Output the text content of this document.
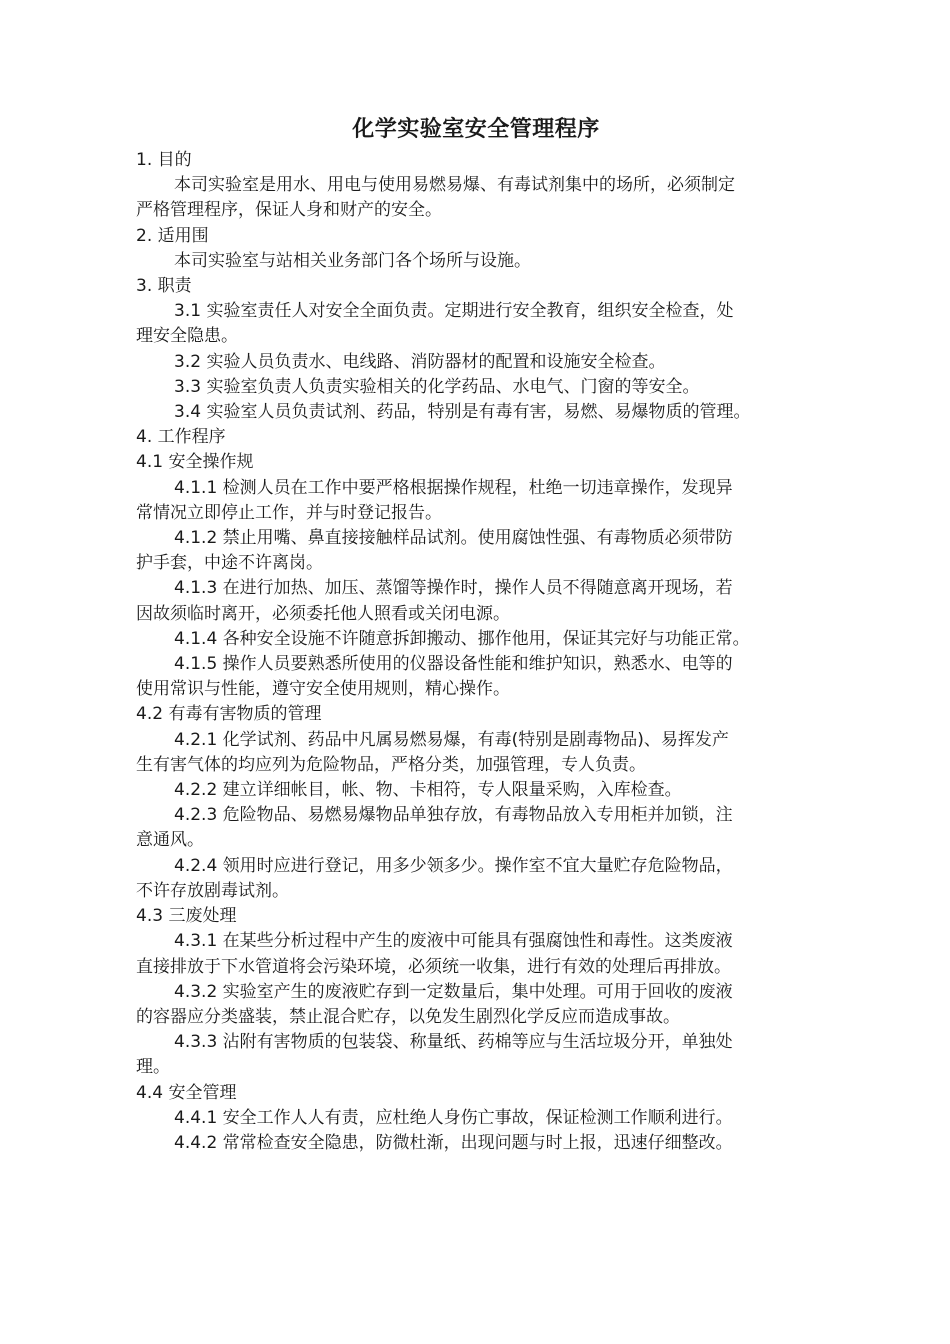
化学实验室安全管理程序

1. 目的

本司实验室是用水、用电与使用易燃易爆、有毒试剂集中的场所，必须制定
严格管理程序，保证人身和财产的安全。

2. 适用围

本司实验室与站相关业务部门各个场所与设施。

3. 职责

3.1 实验室责任人对安全全面负责。定期进行安全教育，组织安全检查，处
理安全隐患。
3.2 实验人员负责水、电线路、消防器材的配置和设施安全检查。
3.3 实验室负责人负责实验相关的化学药品、水电气、门窗的等安全。
3.4 实验室人员负责试剂、药品，特别是有毒有害，易燃、易爆物质的管理。

4. 工作程序

4.1 安全操作规

4.1.1 检测人员在工作中要严格根据操作规程，杜绝一切违章操作，发现异
常情况立即停止工作，并与时登记报告。
4.1.2 禁止用嘴、鼻直接接触样品试剂。使用腐蚀性强、有毒物质必须带防
护手套，中途不许离岗。
4.1.3 在进行加热、加压、蒸馏等操作时，操作人员不得随意离开现场，若
因故须临时离开，必须委托他人照看或关闭电源。
4.1.4 各种安全设施不许随意拆卸搬动、挪作他用，保证其完好与功能正常。
4.1.5 操作人员要熟悉所使用的仪器设备性能和维护知识，熟悉水、电等的
使用常识与性能，遵守安全使用规则，精心操作。

4.2 有毒有害物质的管理

4.2.1 化学试剂、药品中凡属易燃易爆，有毒(特别是剧毒物品)、易挥发产
生有害气体的均应列为危险物品，严格分类，加强管理，专人负责。
4.2.2 建立详细帐目，帐、物、卡相符，专人限量采购，入库检查。
4.2.3 危险物品、易燃易爆物品单独存放，有毒物品放入专用柜并加锁，注
意通风。
4.2.4 领用时应进行登记，用多少领多少。操作室不宜大量贮存危险物品，
不许存放剧毒试剂。

4.3 三废处理

4.3.1 在某些分析过程中产生的废液中可能具有强腐蚀性和毒性。这类废液
直接排放于下水管道将会污染环境，必须统一收集，进行有效的处理后再排放。
4.3.2 实验室产生的废液贮存到一定数量后，集中处理。可用于回收的废液
的容器应分类盛装，禁止混合贮存，以免发生剧烈化学反应而造成事故。
4.3.3 沾附有害物质的包装袋、称量纸、药棉等应与生活垃圾分开，单独处
理。

4.4 安全管理

4.4.1 安全工作人人有责，应杜绝人身伤亡事故，保证检测工作顺利进行。
4.4.2 常常检查安全隐患，防微杜渐，出现问题与时上报，迅速仔细整改。
